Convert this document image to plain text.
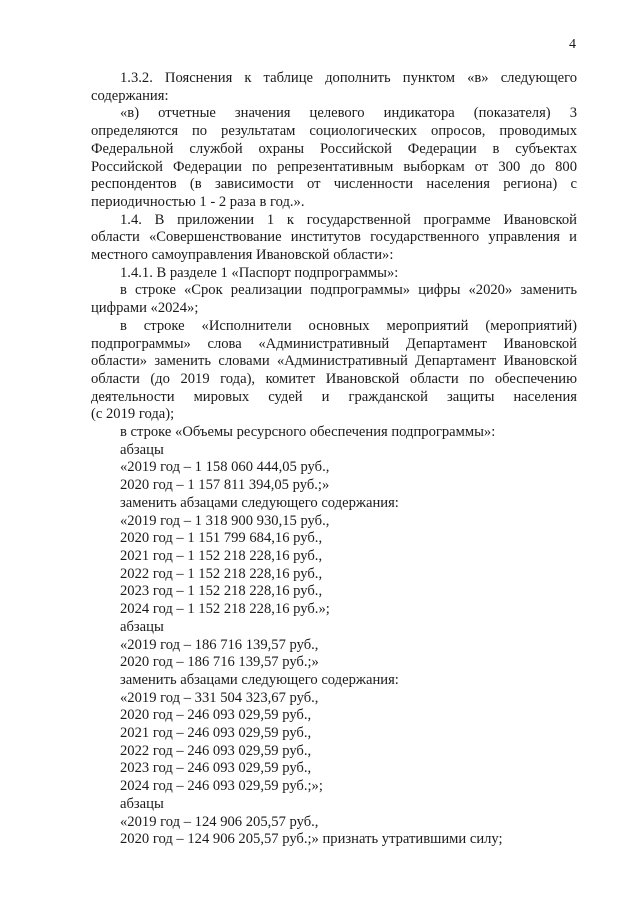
4
1.3.2. Пояснения к таблице дополнить пунктом «в» следующего
содержания:
«в) отчетные значения целевого индикатора (показателя) 3
определяются по результатам социологических опросов, проводимых
Федеральной службой охраны Российской Федерации в субъектах
Российской Федерации по репрезентативным выборкам от 300 до 800
респондентов (в зависимости от численности населения региона) с
периодичностью 1 - 2 раза в год.».
1.4. В приложении 1 к государственной программе Ивановской
области «Совершенствование институтов государственного управления и
местного самоуправления Ивановской области»:
1.4.1. В разделе 1 «Паспорт подпрограммы»:
в строке «Срок реализации подпрограммы» цифры «2020» заменить
цифрами «2024»;
в строке «Исполнители основных мероприятий (мероприятий)
подпрограммы» слова «Административный Департамент Ивановской
области» заменить словами «Административный Департамент Ивановской
области (до 2019 года), комитет Ивановской области по обеспечению
деятельности мировых судей и гражданской защиты населения
(с 2019 года);
в строке «Объемы ресурсного обеспечения подпрограммы»:
абзацы
«2019 год – 1 158 060 444,05 руб.,
2020 год – 1 157 811 394,05 руб.;»
заменить абзацами следующего содержания:
«2019 год – 1 318 900 930,15 руб.,
2020 год – 1 151 799 684,16 руб.,
2021 год – 1 152 218 228,16 руб.,
2022 год – 1 152 218 228,16 руб.,
2023 год – 1 152 218 228,16 руб.,
2024 год – 1 152 218 228,16 руб.»;
абзацы
«2019 год – 186 716 139,57 руб.,
2020 год – 186 716 139,57 руб.;»
заменить абзацами следующего содержания:
«2019 год – 331 504 323,67 руб.,
2020 год – 246 093 029,59 руб.,
2021 год – 246 093 029,59 руб.,
2022 год – 246 093 029,59 руб.,
2023 год – 246 093 029,59 руб.,
2024 год – 246 093 029,59 руб.;»;
абзацы
«2019 год – 124 906 205,57 руб.,
2020 год – 124 906 205,57 руб.;» признать утратившими силу;
